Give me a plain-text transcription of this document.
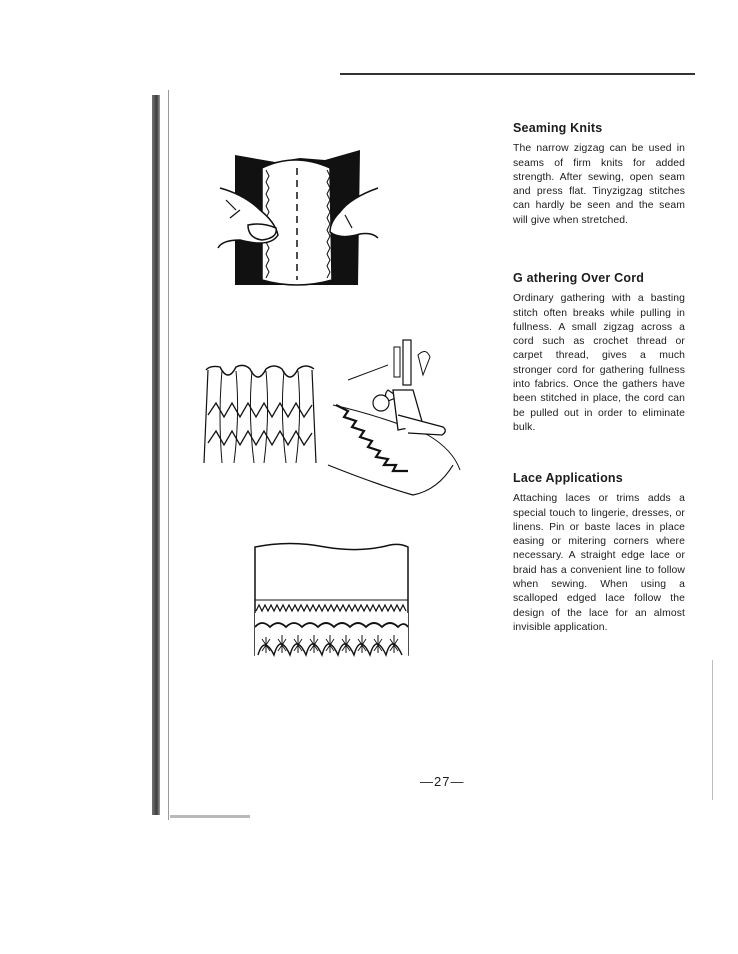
Seaming Knits

The narrow zigzag can be used in seams of firm knits for added strength. After sewing, open seam and press flat. Tinyzigzag stitches can hardly be seen and the seam will give when stretched.

G athering Over Cord

Ordinary gathering with a basting stitch often breaks while pulling in fullness. A small zigzag across a cord such as crochet thread or carpet thread, gives a much stronger cord for gathering fullness into fabrics. Once the gathers have been stitched in place, the cord can be pulled out in order to eliminate bulk.

Lace Applications

Attaching laces or trims adds a special touch to lingerie, dresses, or linens. Pin or baste laces in place easing or mitering corners where necessary. A straight edge lace or braid has a convenient line to follow when sewing. When using a scalloped edged lace follow the design of the lace for an almost invisible application.

—27—
